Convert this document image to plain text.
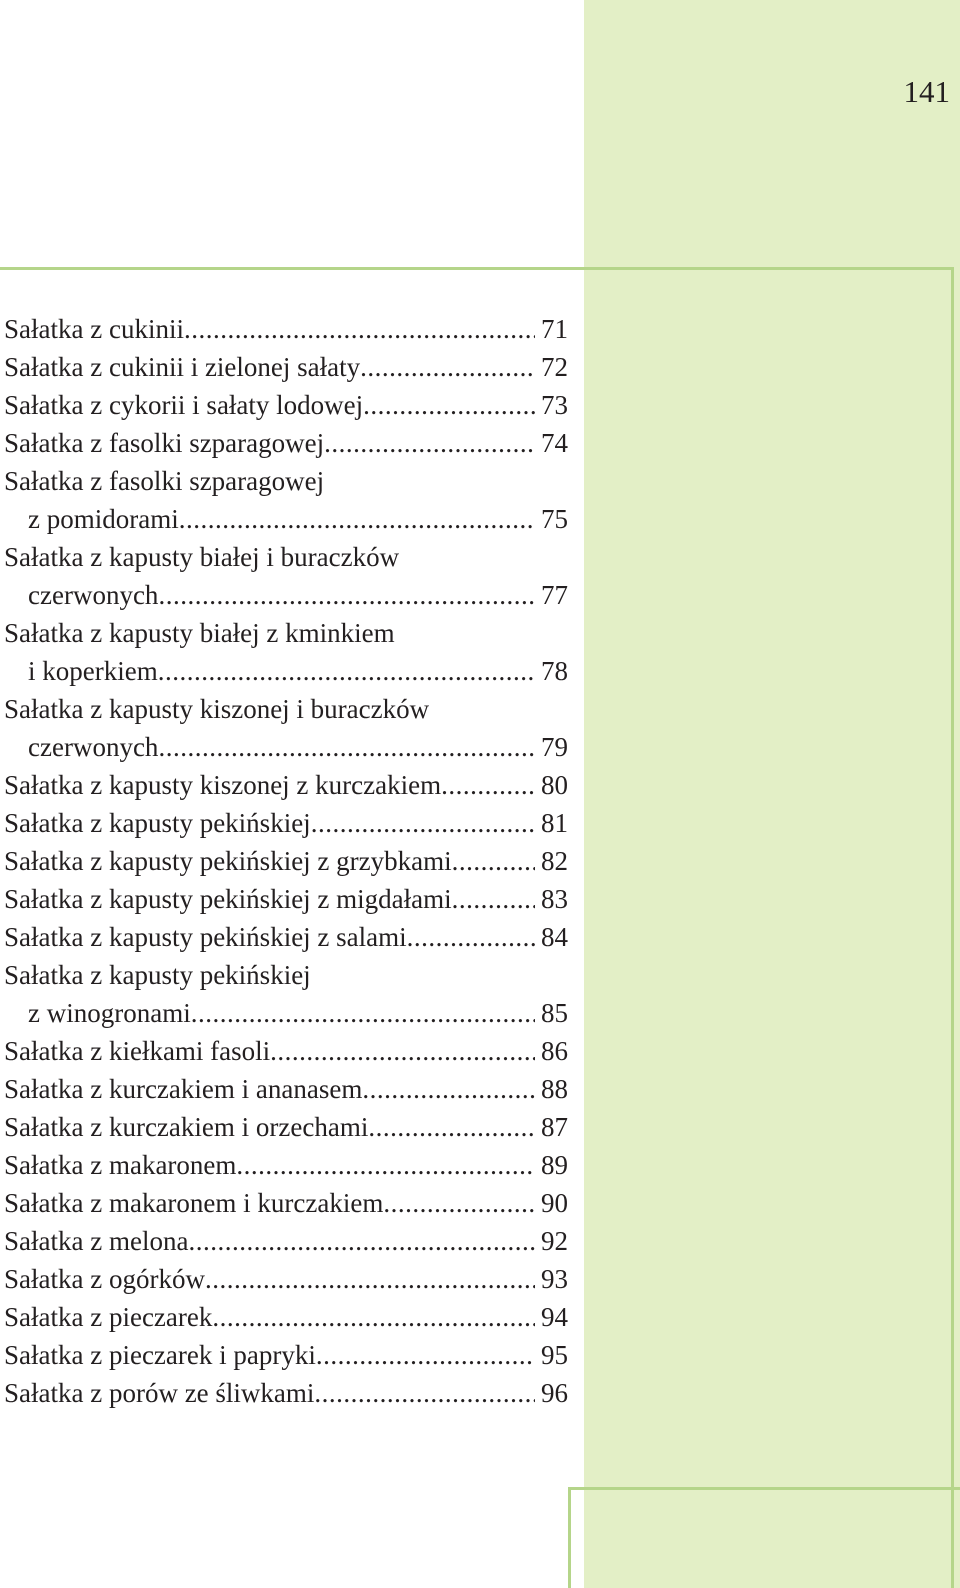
141
Sałatka z cukinii .....	71
Sałatka z cukinii i zielonej sałaty .....	72
Sałatka z cykorii i sałaty lodowej .....	73
Sałatka z fasolki szparagowej .....	74
Sałatka z fasolki szparagowej
z pomidorami .....	75
Sałatka z kapusty białej i buraczków
czerwonych .....	77
Sałatka z kapusty białej z kminkiem
i koperkiem .....	78
Sałatka z kapusty kiszonej i buraczków
czerwonych .....	79
Sałatka z kapusty kiszonej z kurczakiem .....	80
Sałatka z kapusty pekińskiej .....	81
Sałatka z kapusty pekińskiej z grzybkami .....	82
Sałatka z kapusty pekińskiej z migdałami .....	83
Sałatka z kapusty pekińskiej z salami .....	84
Sałatka z kapusty pekińskiej
z winogronami .....	85
Sałatka z kiełkami fasoli .....	86
Sałatka z kurczakiem i ananasem .....	88
Sałatka z kurczakiem i orzechami .....	87
Sałatka z makaronem .....	89
Sałatka z makaronem i kurczakiem .....	90
Sałatka z melona .....	92
Sałatka z ogórków .....	93
Sałatka z pieczarek .....	94
Sałatka z pieczarek i papryki .....	95
Sałatka z porów ze śliwkami .....	96
